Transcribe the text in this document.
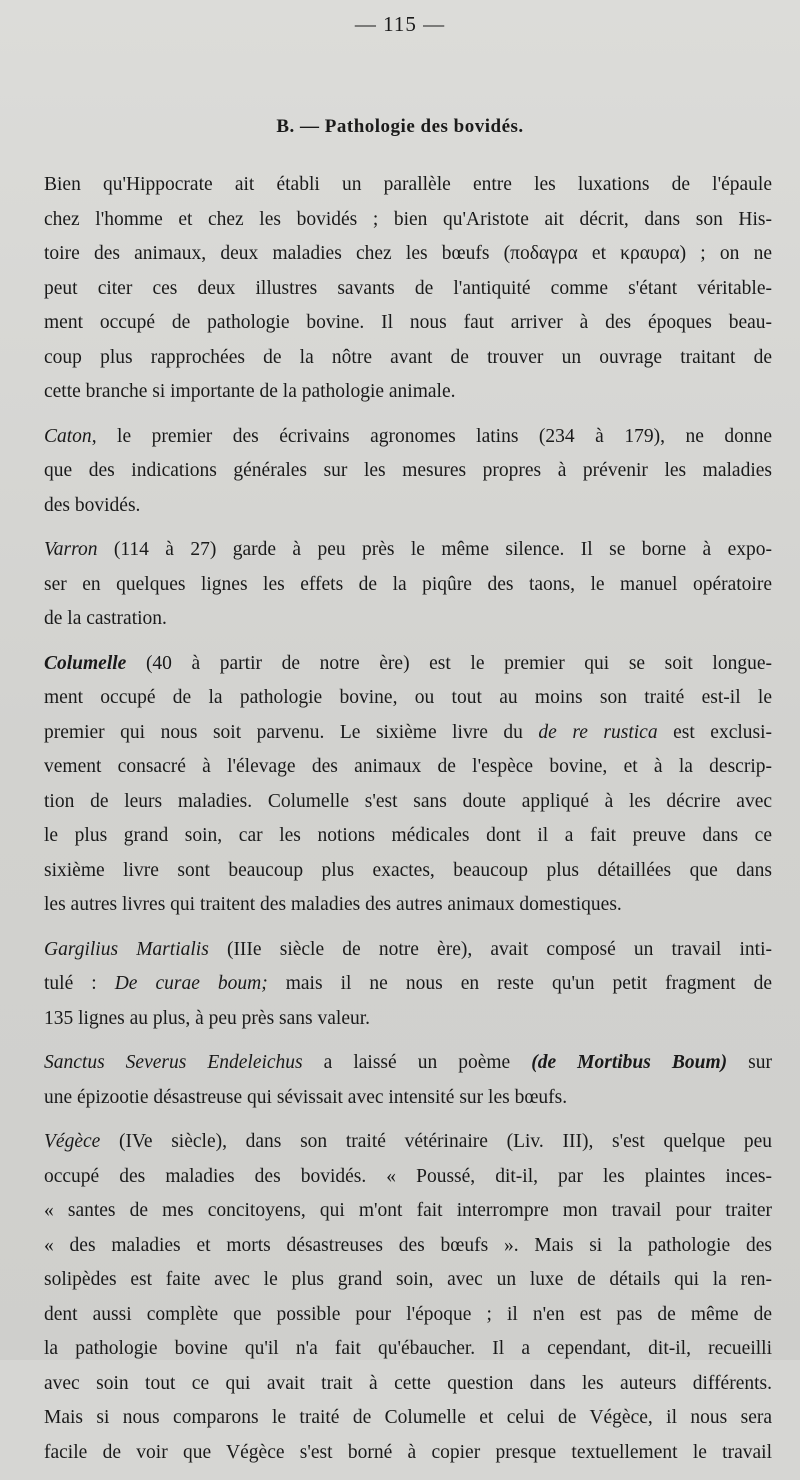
— 115 —
B. — Pathologie des bovidés.
Bien qu'Hippocrate ait établi un parallèle entre les luxations de l'épaule
chez l'homme et chez les bovidés ; bien qu'Aristote ait décrit, dans son His-
toire des animaux, deux maladies chez les bœufs (ποδαγρα et κραυρα) ; on ne
peut citer ces deux illustres savants de l'antiquité comme s'étant véritable-
ment occupé de pathologie bovine. Il nous faut arriver à des époques beau-
coup plus rapprochées de la nôtre avant de trouver un ouvrage traitant de
cette branche si importante de la pathologie animale.
Caton, le premier des écrivains agronomes latins (234 à 179), ne donne
que des indications générales sur les mesures propres à prévenir les maladies
des bovidés.
Varron (114 à 27) garde à peu près le même silence. Il se borne à expo-
ser en quelques lignes les effets de la piqûre des taons, le manuel opératoire
de la castration.
Columelle (40 à partir de notre ère) est le premier qui se soit longue-
ment occupé de la pathologie bovine, ou tout au moins son traité est-il le
premier qui nous soit parvenu. Le sixième livre du de re rustica est exclusi-
vement consacré à l'élevage des animaux de l'espèce bovine, et à la descrip-
tion de leurs maladies. Columelle s'est sans doute appliqué à les décrire avec
le plus grand soin, car les notions médicales dont il a fait preuve dans ce
sixième livre sont beaucoup plus exactes, beaucoup plus détaillées que dans
les autres livres qui traitent des maladies des autres animaux domestiques.
Gargilius Martialis (IIIe siècle de notre ère), avait composé un travail inti-
tulé : De curae boum; mais il ne nous en reste qu'un petit fragment de
135 lignes au plus, à peu près sans valeur.
Sanctus Severus Endeleichus a laissé un poème (de Mortibus Boum) sur
une épizootie désastreuse qui sévissait avec intensité sur les bœufs.
Végèce (IVe siècle), dans son traité vétérinaire (Liv. III), s'est quelque peu
occupé des maladies des bovidés. « Poussé, dit-il, par les plaintes inces-
« santes de mes concitoyens, qui m'ont fait interrompre mon travail pour traiter
« des maladies et morts désastreuses des bœufs ». Mais si la pathologie des
solipèdes est faite avec le plus grand soin, avec un luxe de détails qui la ren-
dent aussi complète que possible pour l'époque ; il n'en est pas de même de
la pathologie bovine qu'il n'a fait qu'ébaucher. Il a cependant, dit-il, recueilli
avec soin tout ce qui avait trait à cette question dans les auteurs différents.
Mais si nous comparons le traité de Columelle et celui de Végèce, il nous sera
facile de voir que Végèce s'est borné à copier presque textuellement le travail
